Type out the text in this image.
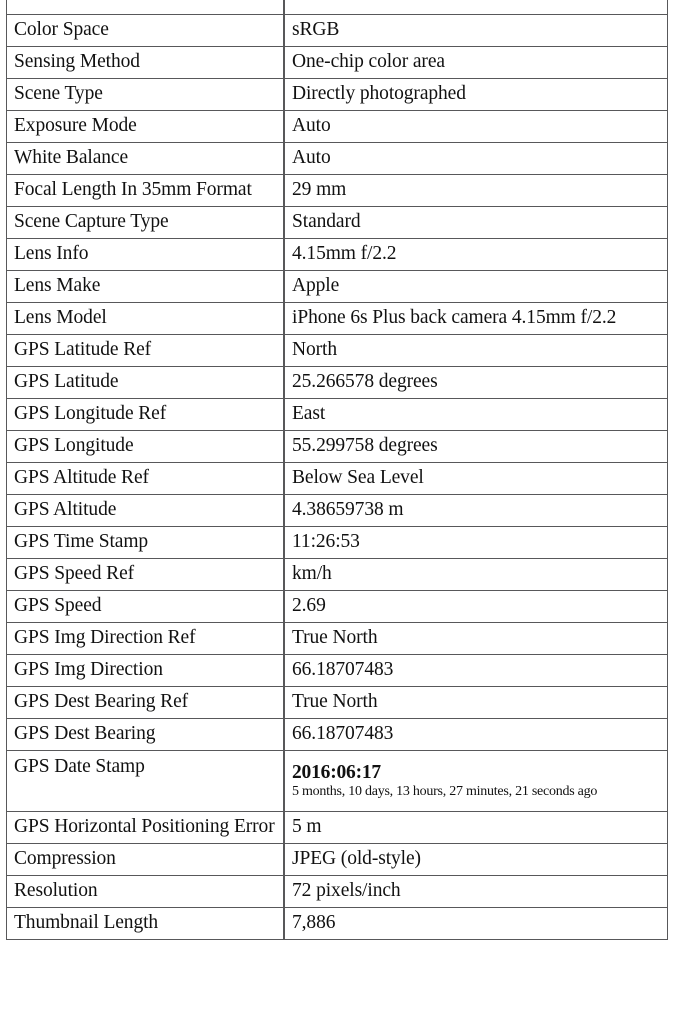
Color Space	sRGB
Sensing Method	One-chip color area
Scene Type	Directly photographed
Exposure Mode	Auto
White Balance	Auto
Focal Length In 35mm Format	29 mm
Scene Capture Type	Standard
Lens Info	4.15mm f/2.2
Lens Make	Apple
Lens Model	iPhone 6s Plus back camera 4.15mm f/2.2
GPS Latitude Ref	North
GPS Latitude	25.266578 degrees
GPS Longitude Ref	East
GPS Longitude	55.299758 degrees
GPS Altitude Ref	Below Sea Level
GPS Altitude	4.38659738 m
GPS Time Stamp	11:26:53
GPS Speed Ref	km/h
GPS Speed	2.69
GPS Img Direction Ref	True North
GPS Img Direction	66.18707483
GPS Dest Bearing Ref	True North
GPS Dest Bearing	66.18707483
GPS Date Stamp	2016:06:17
5 months, 10 days, 13 hours, 27 minutes, 21 seconds ago

GPS Horizontal Positioning Error	5 m
Compression	JPEG (old-style)
Resolution	72 pixels/inch
Thumbnail Length	7,886
